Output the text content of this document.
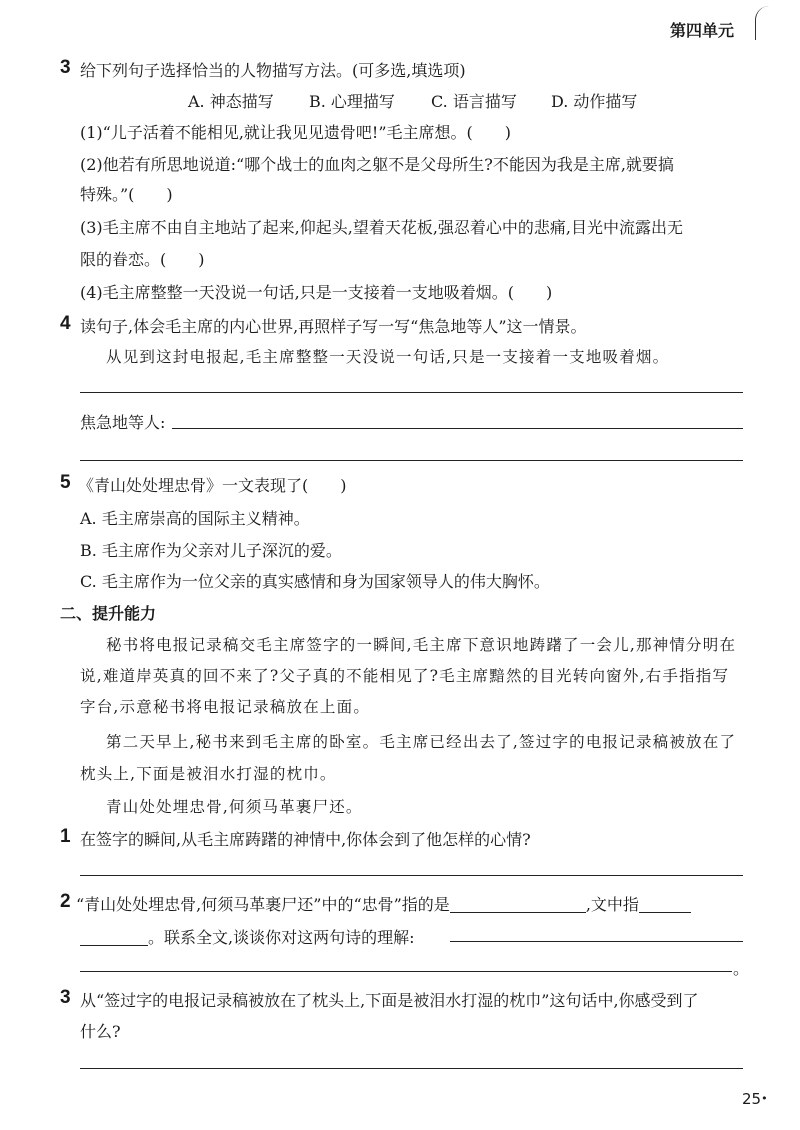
第四单元
3 给下列句子选择恰当的人物描写方法。(可多选,填选项)
A. 神态描写 B. 心理描写 C. 语言描写 D. 动作描写
(1)“儿子活着不能相见,就让我见见遗骨吧!”毛主席想。(　　)
(2)他若有所思地说道:“哪个战士的血肉之躯不是父母所生?不能因为我是主席,就要搞
特殊。”(　　)
(3)毛主席不由自主地站了起来,仰起头,望着天花板,强忍着心中的悲痛,目光中流露出无
限的眷恋。(　　)
(4)毛主席整整一天没说一句话,只是一支接着一支地吸着烟。(　　)
4 读句子,体会毛主席的内心世界,再照样子写一写“焦急地等人”这一情景。
从见到这封电报起,毛主席整整一天没说一句话,只是一支接着一支地吸着烟。
焦急地等人:
5 《青山处处埋忠骨》一文表现了(　　)
A. 毛主席崇高的国际主义精神。
B. 毛主席作为父亲对儿子深沉的爱。
C. 毛主席作为一位父亲的真实感情和身为国家领导人的伟大胸怀。
二、提升能力
秘书将电报记录稿交毛主席签字的一瞬间,毛主席下意识地踌躇了一会儿,那神情分明在
说,难道岸英真的回不来了?父子真的不能相见了?毛主席黯然的目光转向窗外,右手指指写
字台,示意秘书将电报记录稿放在上面。
第二天早上,秘书来到毛主席的卧室。毛主席已经出去了,签过字的电报记录稿被放在了
枕头上,下面是被泪水打湿的枕巾。
青山处处埋忠骨,何须马革裹尸还。
1 在签字的瞬间,从毛主席踌躇的神情中,你体会到了他怎样的心情?
2 “青山处处埋忠骨,何须马革裹尸还”中的“忠骨”指的是	,文中指
。联系全文,谈谈你对这两句诗的理解:
。
3 从“签过字的电报记录稿被放在了枕头上,下面是被泪水打湿的枕巾”这句话中,你感受到了
什么?
25•
